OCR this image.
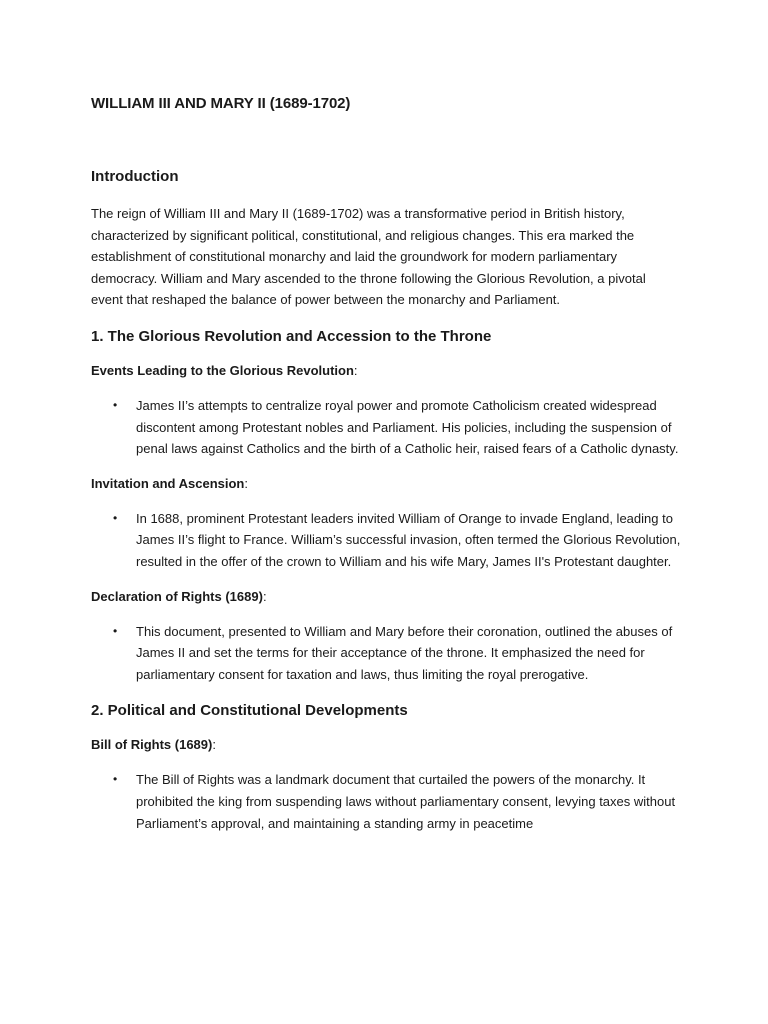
WILLIAM III AND MARY II (1689-1702)
Introduction

The reign of William III and Mary II (1689-1702) was a transformative period in British history, characterized by significant political, constitutional, and religious changes. This era marked the establishment of constitutional monarchy and laid the groundwork for modern parliamentary democracy. William and Mary ascended to the throne following the Glorious Revolution, a pivotal event that reshaped the balance of power between the monarchy and Parliament.

1. The Glorious Revolution and Accession to the Throne

Events Leading to the Glorious Revolution:

• James II’s attempts to centralize royal power and promote Catholicism created widespread discontent among Protestant nobles and Parliament. His policies, including the suspension of penal laws against Catholics and the birth of a Catholic heir, raised fears of a Catholic dynasty.

Invitation and Ascension:

• In 1688, prominent Protestant leaders invited William of Orange to invade England, leading to James II’s flight to France. William’s successful invasion, often termed the Glorious Revolution, resulted in the offer of the crown to William and his wife Mary, James II's Protestant daughter.

Declaration of Rights (1689):

• This document, presented to William and Mary before their coronation, outlined the abuses of James II and set the terms for their acceptance of the throne. It emphasized the need for parliamentary consent for taxation and laws, thus limiting the royal prerogative.
2. Political and Constitutional Developments

Bill of Rights (1689):

• The Bill of Rights was a landmark document that curtailed the powers of the monarchy. It prohibited the king from suspending laws without parliamentary consent, levying taxes without Parliament’s approval, and maintaining a standing army in peacetime
